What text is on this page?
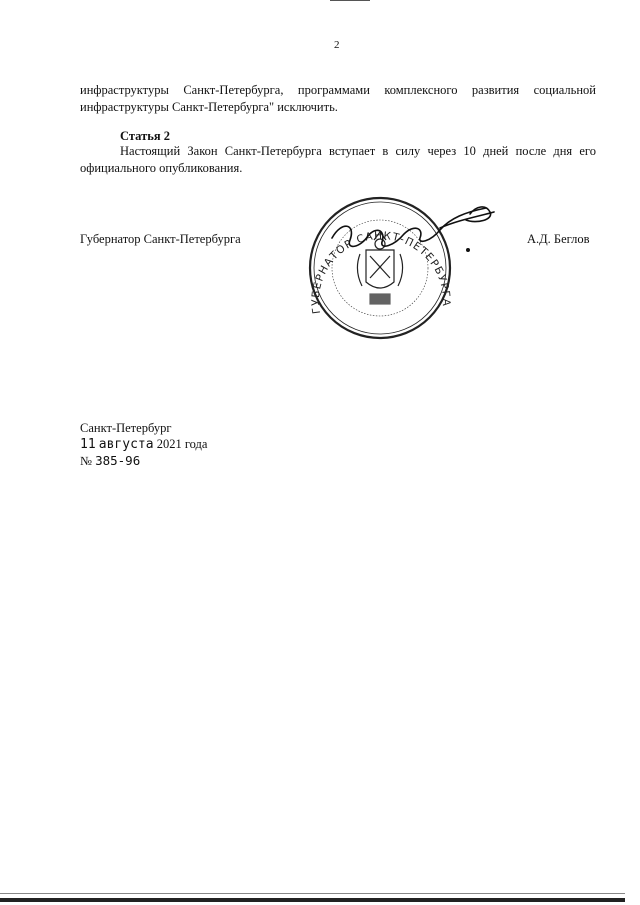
2
инфраструктуры Санкт-Петербурга, программами комплексного развития социальной инфраструктуры Санкт-Петербурга" исключить.
Статья 2
Настоящий Закон Санкт-Петербурга вступает в силу через 10 дней после дня его официального опубликования.
Губернатор Санкт-Петербурга
ГУБЕРНАТОР САНКТ-ПЕТЕРБУРГА
А.Д. Беглов
Санкт-Петербург
11 августа 2021 года
№ 385-96
